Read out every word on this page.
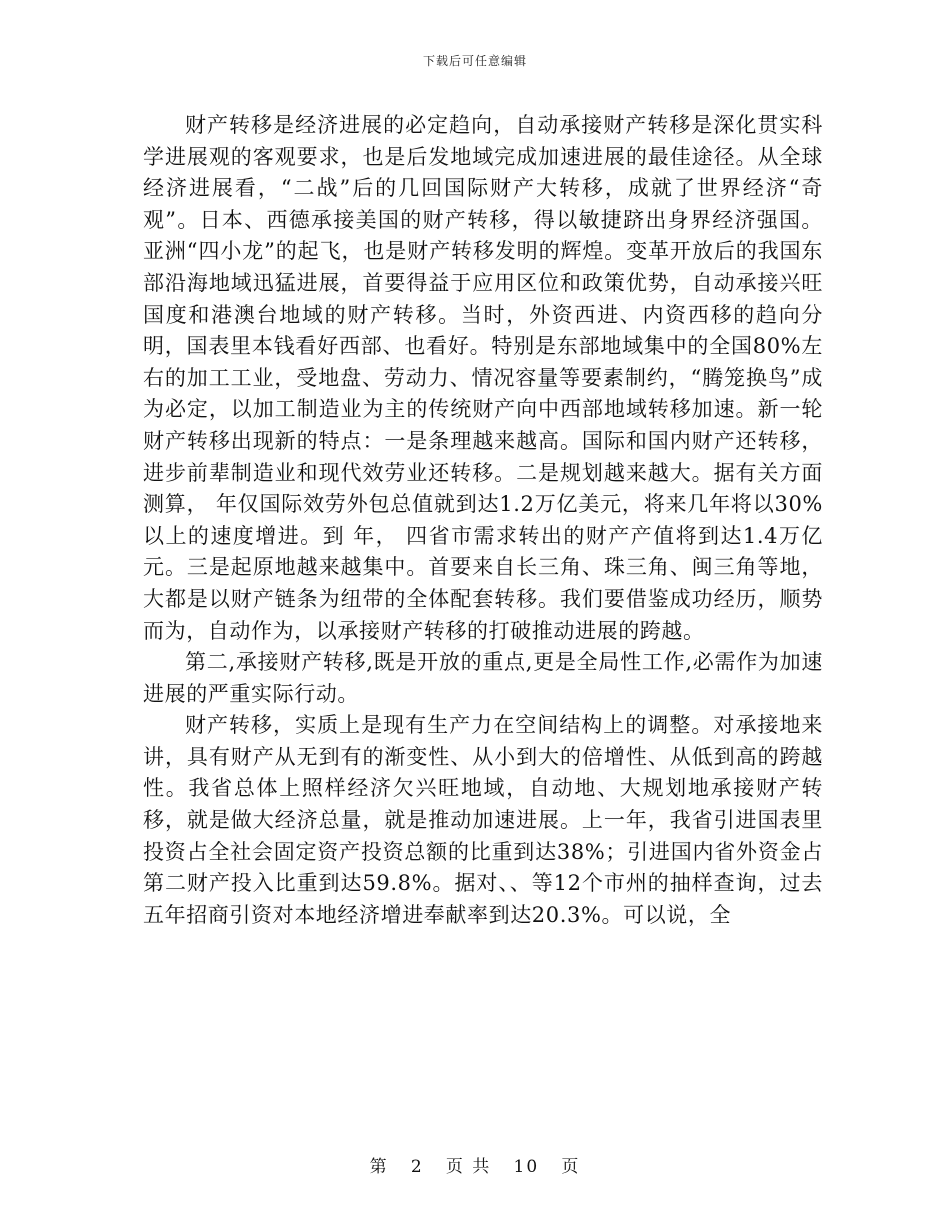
下载后可任意编辑

财产转移是经济进展的必定趋向，自动承接财产转移是深化贯实科学进展观的客观要求，也是后发地域完成加速进展的最佳途径。从全球经济进展看，“二战”后的几回国际财产大转移，成就了世界经济“奇观”。日本、西德承接美国的财产转移，得以敏捷跻出身界经济强国。亚洲“四小龙”的起飞，也是财产转移发明的辉煌。变革开放后的我国东部沿海地域迅猛进展，首要得益于应用区位和政策优势，自动承接兴旺国度和港澳台地域的财产转移。当时，外资西进、内资西移的趋向分明，国表里本钱看好西部、也看好。特别是东部地域集中的全国80%左右的加工工业，受地盘、劳动力、情况容量等要素制约，“腾笼换鸟”成为必定，以加工制造业为主的传统财产向中西部地域转移加速。新一轮财产转移出现新的特点：一是条理越来越高。国际和国内财产还转移，进步前辈制造业和现代效劳业还转移。二是规划越来越大。据有关方面测算， 年仅国际效劳外包总值就到达1.2万亿美元，将来几年将以30%以上的速度增进。到 年， 四省市需求转出的财产产值将到达1.4万亿元。三是起原地越来越集中。首要来自长三角、珠三角、闽三角等地，大都是以财产链条为纽带的全体配套转移。我们要借鉴成功经历，顺势而为，自动作为，以承接财产转移的打破推动进展的跨越。

第二,承接财产转移,既是开放的重点,更是全局性工作,必需作为加速进展的严重实际行动。

财产转移，实质上是现有生产力在空间结构上的调整。对承接地来讲，具有财产从无到有的渐变性、从小到大的倍增性、从低到高的跨越性。我省总体上照样经济欠兴旺地域，自动地、大规划地承接财产转移，就是做大经济总量，就是推动加速进展。上一年，我省引进国表里投资占全社会固定资产投资总额的比重到达38%；引进国内省外资金占第二财产投入比重到达59.8%。据对、、等12个市州的抽样查询，过去五年招商引资对本地经济增进奉献率到达20.3%。可以说，全

第 2 页 共 10 页
